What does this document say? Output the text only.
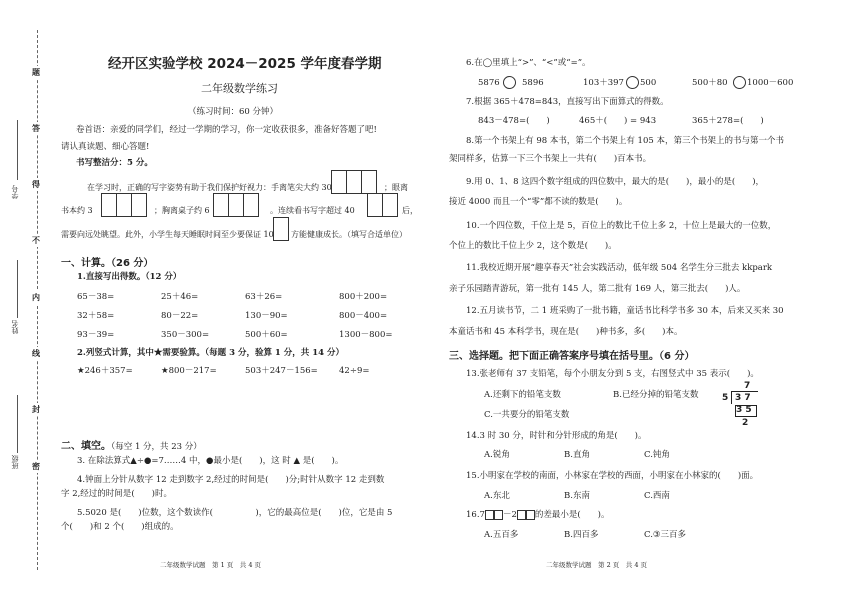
题
答
得
不
内
线
封
密
学号
姓名
班级
经开区实验学校 2024－2025 学年度春学期
二年级数学练习
（练习时间：60 分钟）
卷首语：亲爱的同学们，经过一学期的学习，你一定收获很多，准备好答题了吧!
请认真读题、细心答题!
书写整洁分：5 分。
在学习时，正确的写字姿势有助于我们保护好视力：手离笔尖大约 30	；眼离
书本约 3	；胸离桌子约 6	。连续看书写字超过 40	后，
需要向远处眺望。此外，小学生每天睡眠时间至少要保证 10 方能健康成长。（填写合适单位）
一、计算。（26 分）
1.直接写出得数。（12 分）
65－38=	25＋46=	63＋26=	800＋200=
32＋58=	80－22=	130－90=	800－400=
93－39=	350－300=	500＋60=	1300－800=
2.列竖式计算，其中★需要验算。（每题 3 分，验算 1 分，共 14 分）
★246＋357=	★800－217=	503＋247－156= 42÷9=
二、填空。（每空 1 分，共 23 分）
3. 在除法算式▲÷●=7……4 中，●最小是(　　)，这 时 ▲ 是(　　)。
4.钟面上分针从数字 12 走到数字 2,经过的时间是(　　)分;时针从数字 12 走到数
字 2,经过的时间是(　　)时。
5.5020 是(　　)位数，这个数读作(　　　　　)，它的最高位是(　　)位，它是由 5
个(　　)和 2 个(　　)组成的。
二年级数学试题　第 1 页　共 4 页
6.在◯里填上“>”、“<”或“=”。
5876	5896	103＋397 500	500＋80 1000－600
7.根据 365＋478=843，直接写出下面算式的得数。
843－478=(　　)	465＋(　　) = 943	365＋278=(　　)
8.第一个书架上有 98 本书，第二个书架上有 105 本，第三个书架上的书与第一个书
架同样多，估算一下三个书架上一共有(　　)百本书。
9.用 0、1、8 这四个数字组成的四位数中，最大的是(　　)，最小的是(　　)，
接近 4000 而且一个“零”都不读的数是(　　)。
10.一个四位数，千位上是 5，百位上的数比千位上多 2，十位上是最大的一位数，
个位上的数比千位上少 2，这个数是(　　)。
11.我校近期开展“趣享春天”社会实践活动，低年级 504 名学生分三批去 kkpark
亲子乐园踏青游玩，第一批有 145 人，第二批有 169 人，第三批去(　　)人。
12.五月读书节，二 1 班采购了一批书籍，童话书比科学书多 30 本，后来又买来 30
本童话书和 45 本科学书，现在是(　　)种书多，多(　　)本。
三、选择题。把下面正确答案序号填在括号里。（6 分）
13.张老师有 37 支铅笔，每个小朋友分到 5 支，右图竖式中 35 表示(　　)。
A.还剩下的铅笔支数	B.已经分掉的铅笔支数
C.一共要分的铅笔支数
7
5 3 7
3 5
2
14.3 时 30 分，时针和分针形成的角是(　　)。
A.锐角	B.直角	C.钝角
15.小明家在学校的南面，小林家在学校的西面，小明家在小林家的(　　)面。
A.东北	B.东南	C.西南
16.7 －2 的差最小是(　　)。
A.五百多	B.四百多	C.③三百多
二年级数学试题　第 2 页　共 4 页
